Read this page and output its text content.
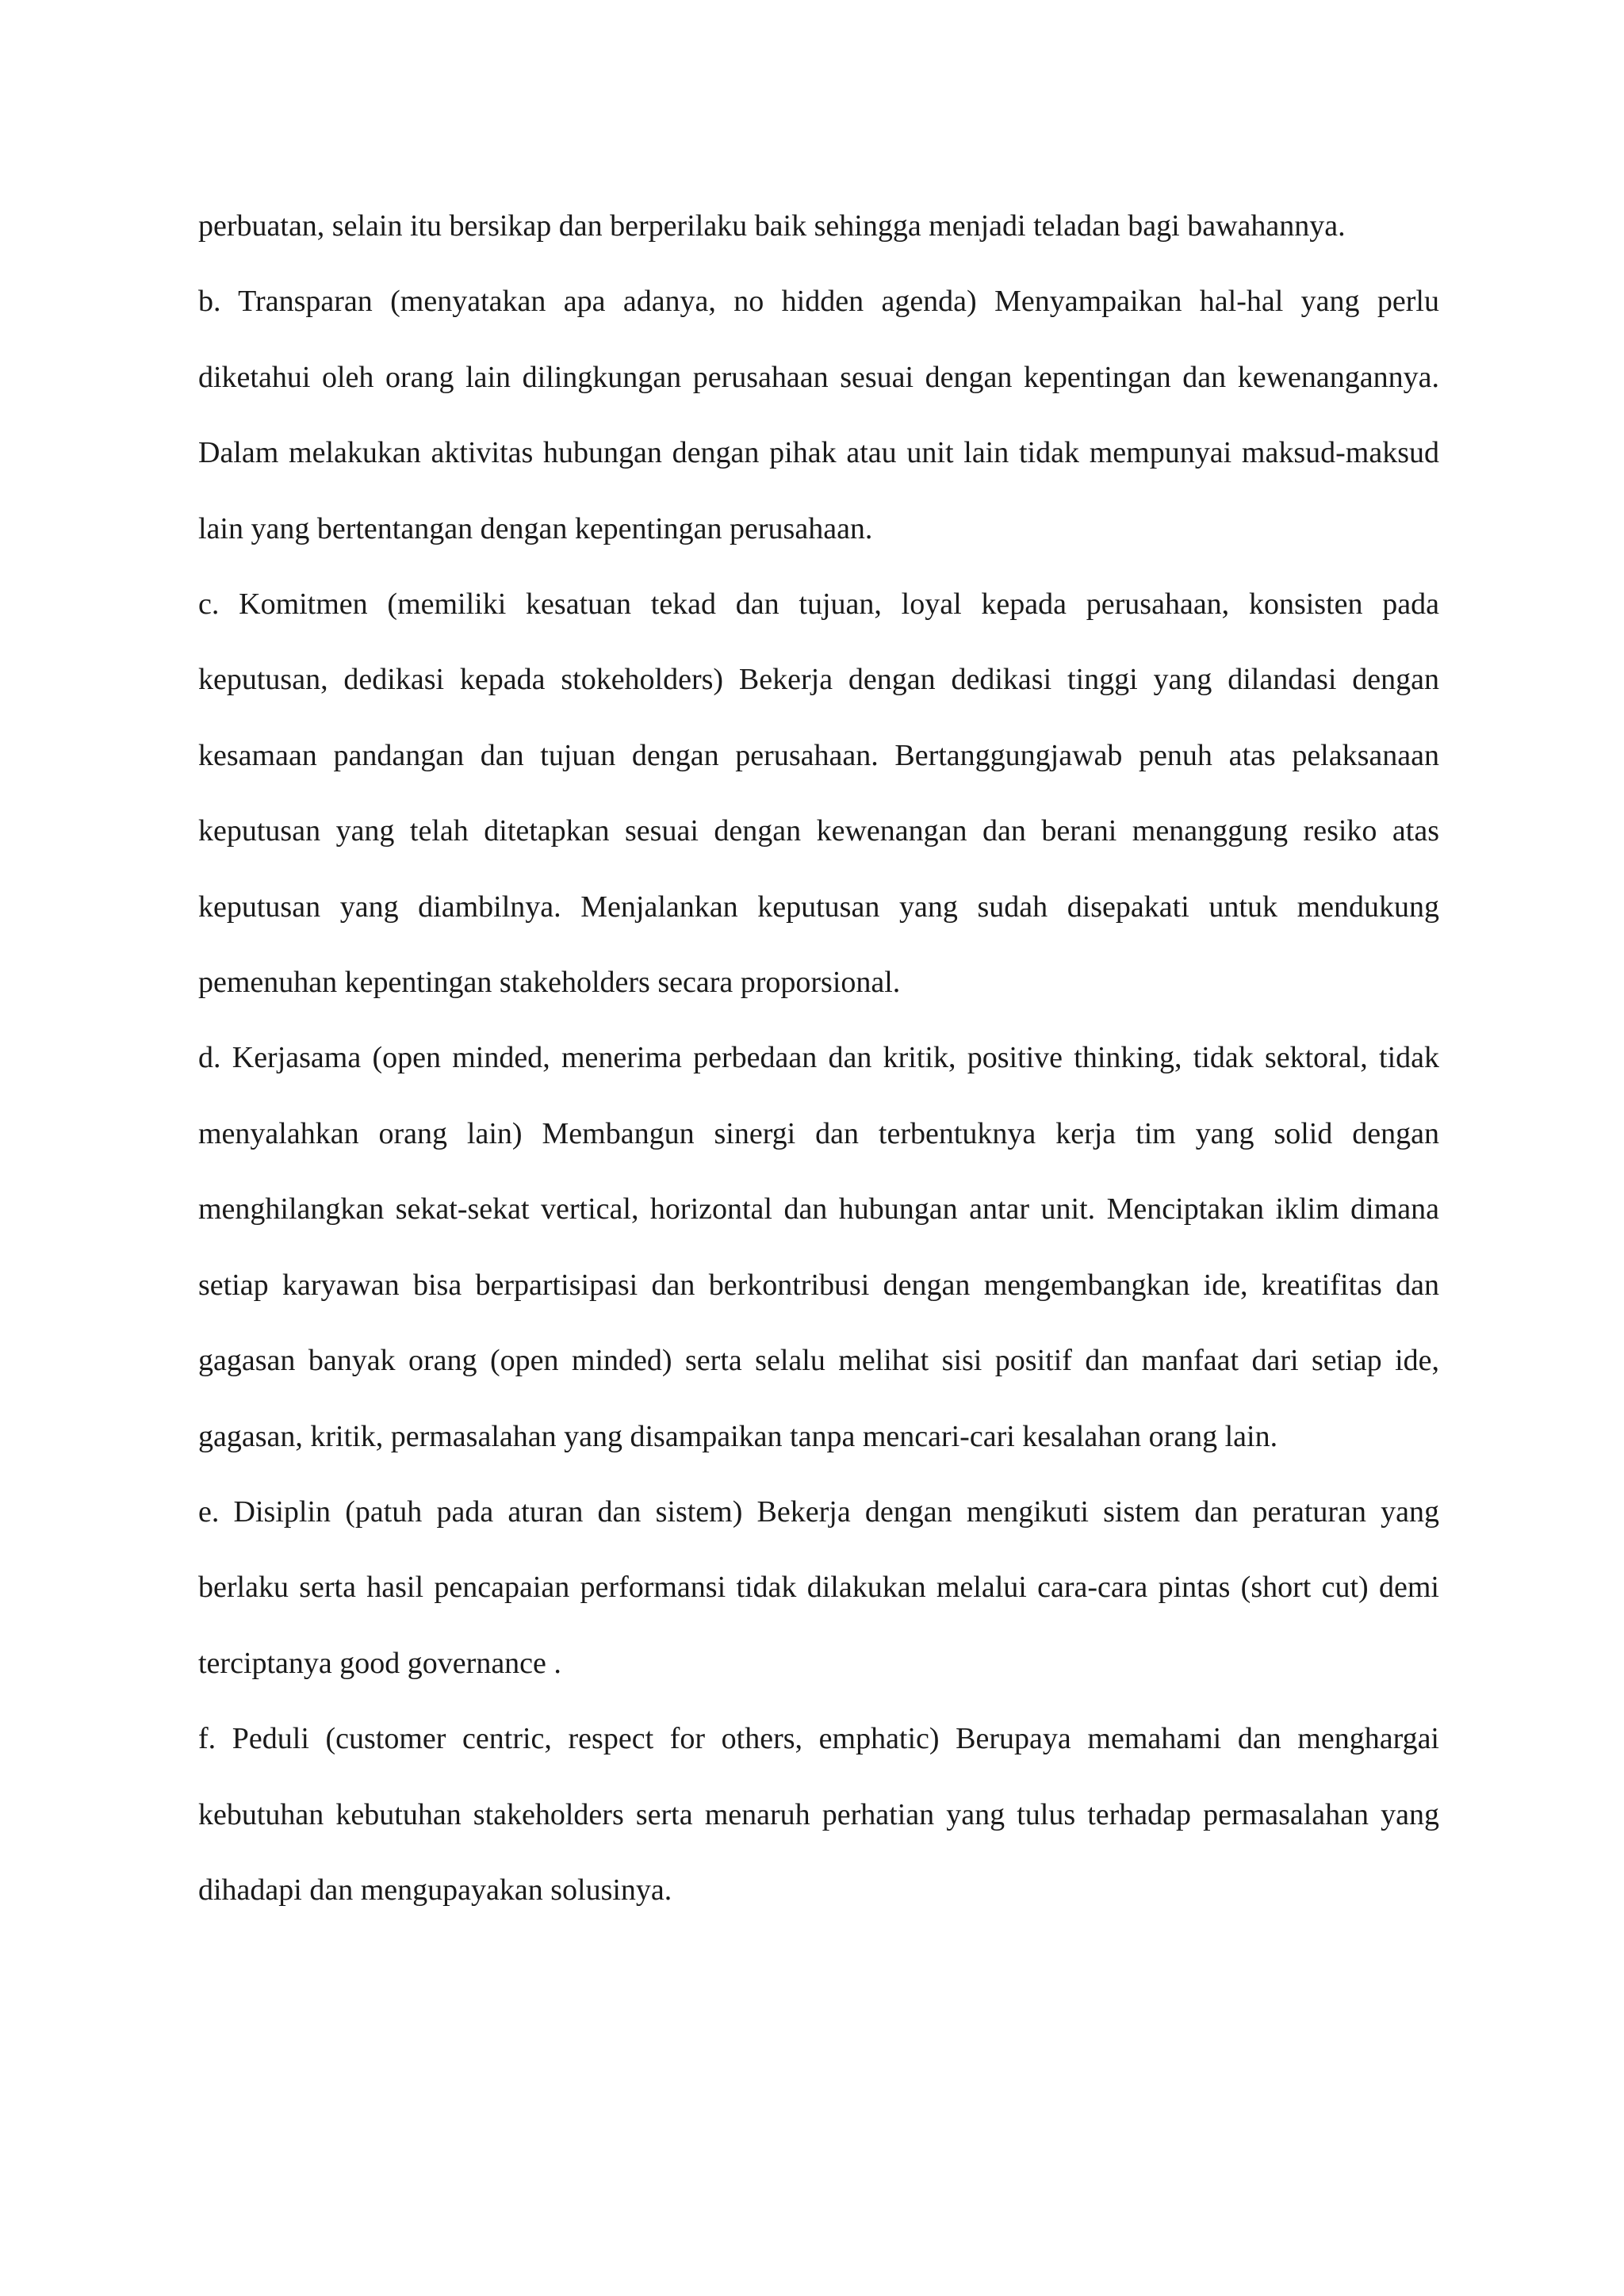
perbuatan, selain itu bersikap dan berperilaku baik sehingga menjadi teladan bagi bawahannya.

b. Transparan (menyatakan apa adanya, no hidden agenda) Menyampaikan hal-hal yang perlu diketahui oleh orang lain dilingkungan perusahaan sesuai dengan kepentingan dan kewenangannya. Dalam melakukan aktivitas hubungan dengan pihak atau unit lain tidak mempunyai maksud-maksud lain yang bertentangan dengan kepentingan perusahaan.

c. Komitmen (memiliki kesatuan tekad dan tujuan, loyal kepada perusahaan, konsisten pada keputusan, dedikasi kepada stokeholders) Bekerja dengan dedikasi tinggi yang dilandasi dengan kesamaan pandangan dan tujuan dengan perusahaan. Bertanggungjawab penuh atas pelaksanaan keputusan yang telah ditetapkan sesuai dengan kewenangan dan berani menanggung resiko atas keputusan yang diambilnya. Menjalankan keputusan yang sudah disepakati untuk mendukung pemenuhan kepentingan stakeholders secara proporsional.

d. Kerjasama (open minded, menerima perbedaan dan kritik, positive thinking, tidak sektoral, tidak menyalahkan orang lain) Membangun sinergi dan terbentuknya kerja tim yang solid dengan menghilangkan sekat-sekat vertical, horizontal dan hubungan antar unit. Menciptakan iklim dimana setiap karyawan bisa berpartisipasi dan berkontribusi dengan mengembangkan ide, kreatifitas dan gagasan banyak orang (open minded) serta selalu melihat sisi positif dan manfaat dari setiap ide, gagasan, kritik, permasalahan yang disampaikan tanpa mencari-cari kesalahan orang lain.

e. Disiplin (patuh pada aturan dan sistem) Bekerja dengan mengikuti sistem dan peraturan yang berlaku serta hasil pencapaian performansi tidak dilakukan melalui cara-cara pintas (short cut) demi terciptanya good governance .

f. Peduli (customer centric, respect for others, emphatic) Berupaya memahami dan menghargai kebutuhan kebutuhan stakeholders serta menaruh perhatian yang tulus terhadap permasalahan yang dihadapi dan mengupayakan solusinya.
